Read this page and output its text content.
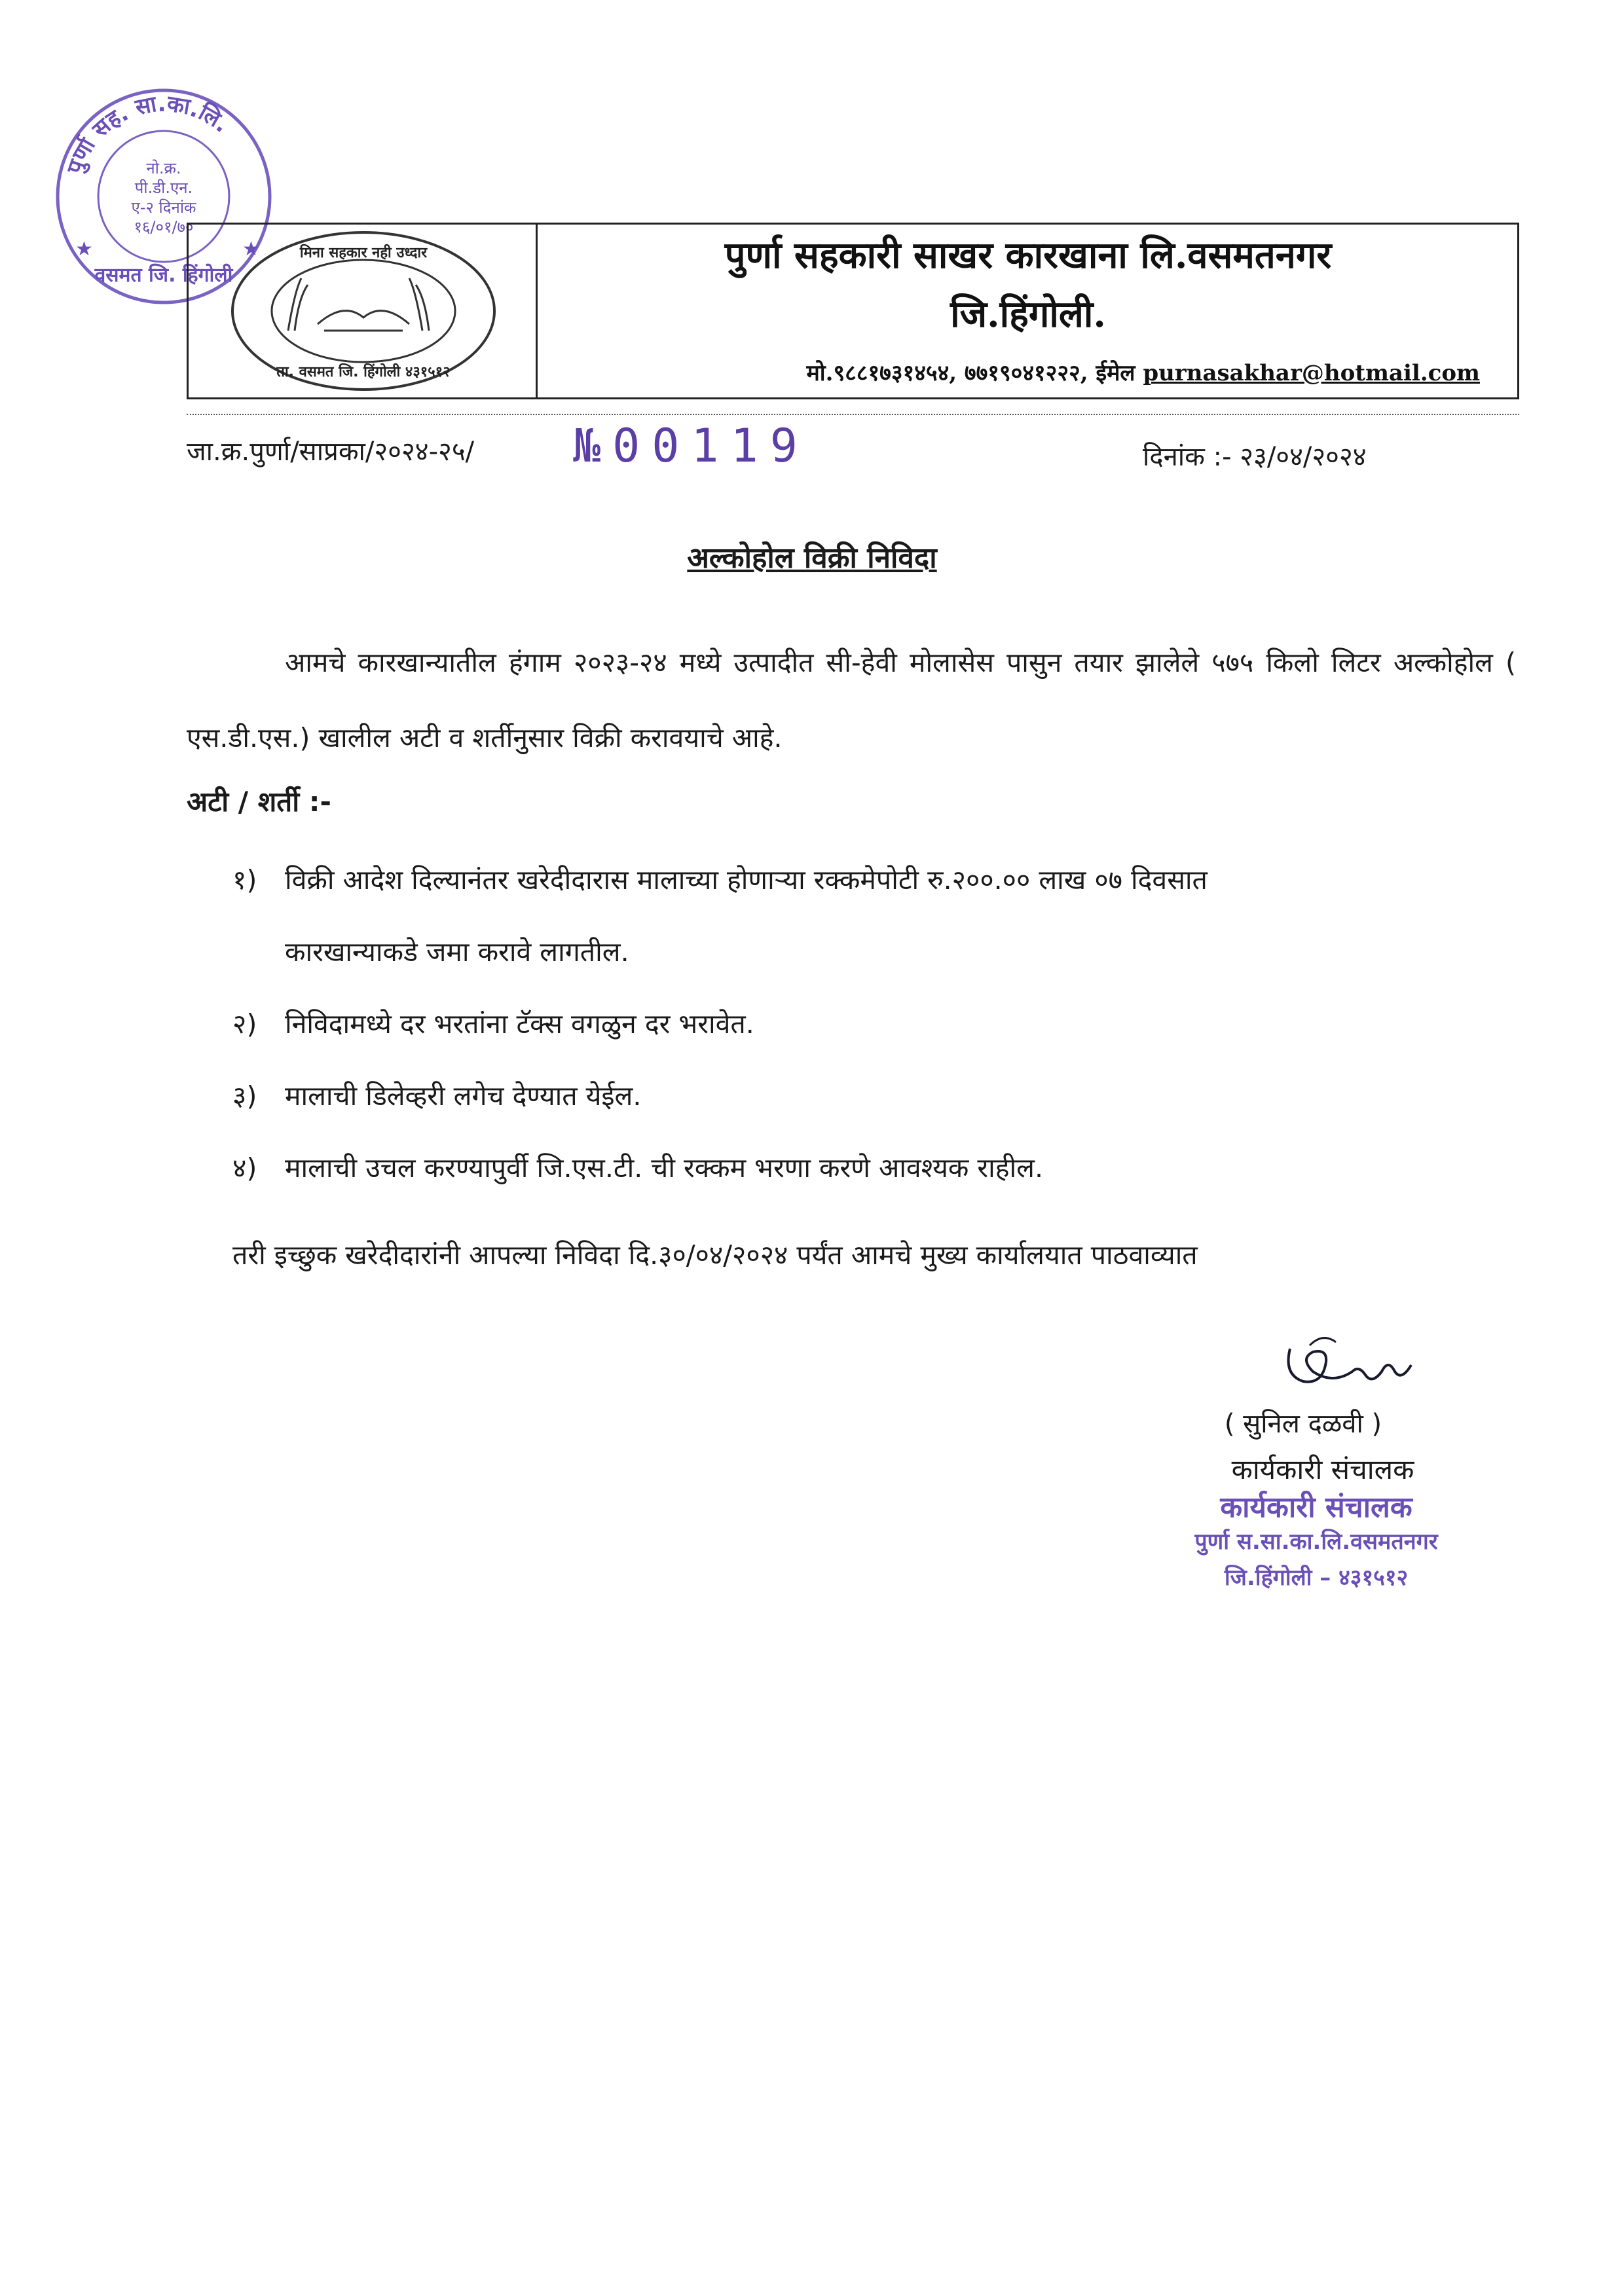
पुर्णा सह. सा.का.लि.
नो.क्र.
पी.डी.एन.
ए-२ दिनांक
१६/०१/७०
वसमत जि. हिंगोली
★	★	मिना सहकार नही उध्दार
ता. वसमत जि. हिंगोली ४३१५१२
पुर्णा सहकारी साखर कारखाना लि.वसमतनगर
जि.हिंगोली.
मो.९८८१७३१४५४, ७७१९०४१२२२, ईमेल purnasakhar@hotmail.com
जा.क्र.पुर्णा/साप्रका/२०२४-२५/ №00119	दिनांक :- २३/०४/२०२४
अल्कोहोल विक्री निविदा
आमचे कारखान्यातील हंगाम २०२३-२४ मध्ये उत्पादीत सी-हेवी मोलासेस पासुन तयार झालेले ५७५ किलो लिटर अल्कोहोल ( एस.डी.एस.) खालील अटी व शर्तीनुसार विक्री करावयाचे आहे.
अटी / शर्ती :-
१) विक्री आदेश दिल्यानंतर खरेदीदारास मालाच्या होणाऱ्या रक्कमेपोटी रु.२००.०० लाख ०७ दिवसात
कारखान्याकडे जमा करावे लागतील.
२) निविदामध्ये दर भरतांना टॅक्स वगळुन दर भरावेत.
३) मालाची डिलेव्हरी लगेच देण्यात येईल.
४) मालाची उचल करण्यापुर्वी जि.एस.टी. ची रक्कम भरणा करणे आवश्यक राहील.
तरी इच्छुक खरेदीदारांनी आपल्या निविदा दि.३०/०४/२०२४ पर्यंत आमचे मुख्य कार्यालयात पाठवाव्यात
( सुनिल दळवी )
कार्यकारी संचालक
कार्यकारी संचालक
पुर्णा स.सा.का.लि.वसमतनगर
जि.हिंगोली – ४३१५१२
